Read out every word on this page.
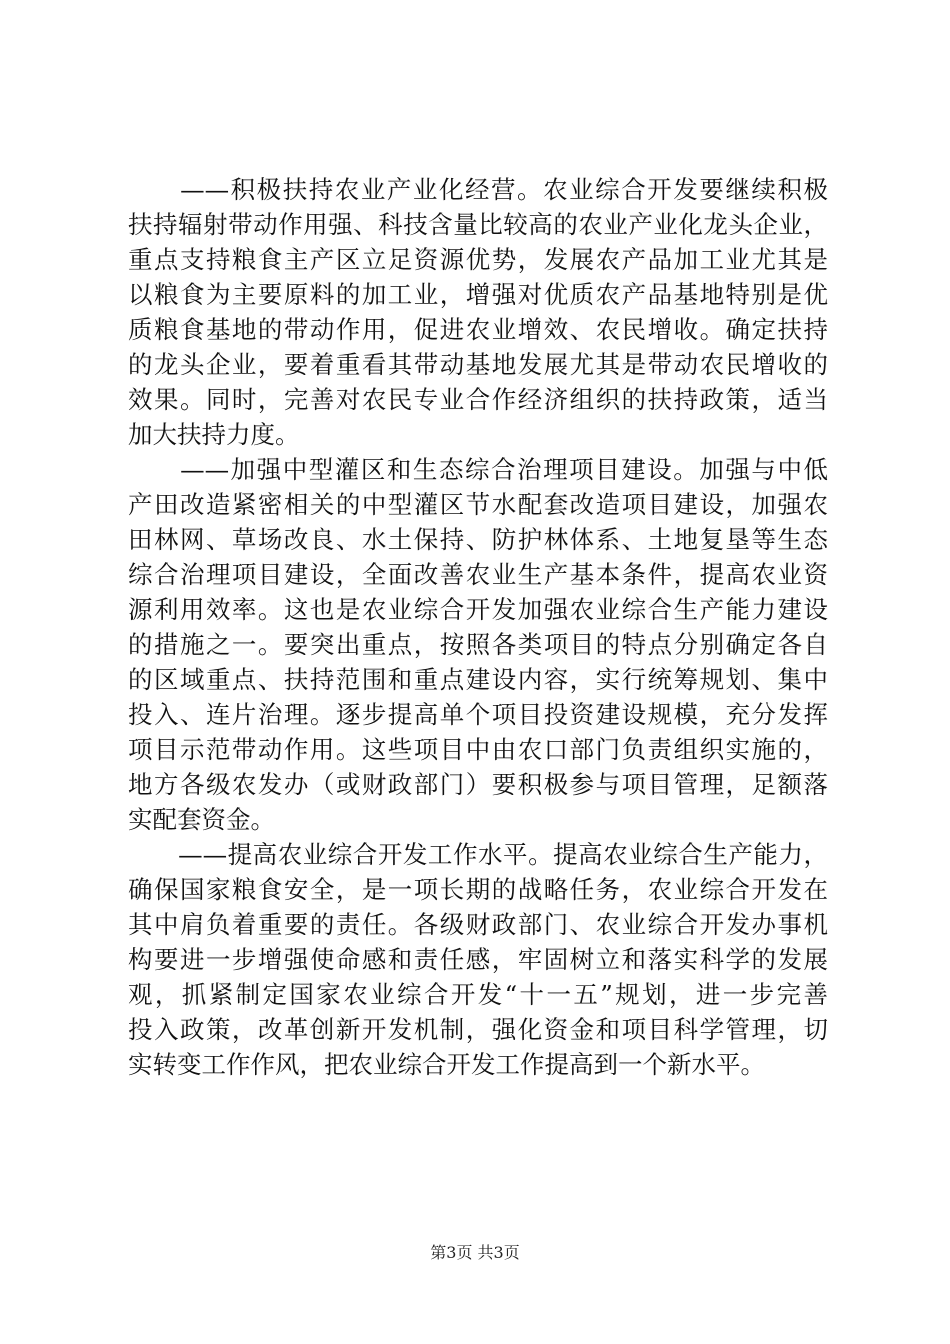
　　——积极扶持农业产业化经营。农业综合开发要继续积极
扶持辐射带动作用强、科技含量比较高的农业产业化龙头企业，
重点支持粮食主产区立足资源优势，发展农产品加工业尤其是
以粮食为主要原料的加工业，增强对优质农产品基地特别是优
质粮食基地的带动作用，促进农业增效、农民增收。确定扶持
的龙头企业，要着重看其带动基地发展尤其是带动农民增收的
效果。同时，完善对农民专业合作经济组织的扶持政策，适当
加大扶持力度。
　　——加强中型灌区和生态综合治理项目建设。加强与中低
产田改造紧密相关的中型灌区节水配套改造项目建设，加强农
田林网、草场改良、水土保持、防护林体系、土地复垦等生态
综合治理项目建设，全面改善农业生产基本条件，提高农业资
源利用效率。这也是农业综合开发加强农业综合生产能力建设
的措施之一。要突出重点，按照各类项目的特点分别确定各自
的区域重点、扶持范围和重点建设内容，实行统筹规划、集中
投入、连片治理。逐步提高单个项目投资建设规模，充分发挥
项目示范带动作用。这些项目中由农口部门负责组织实施的，
地方各级农发办（或财政部门）要积极参与项目管理，足额落
实配套资金。
　　——提高农业综合开发工作水平。提高农业综合生产能力，
确保国家粮食安全，是一项长期的战略任务，农业综合开发在
其中肩负着重要的责任。各级财政部门、农业综合开发办事机
构要进一步增强使命感和责任感，牢固树立和落实科学的发展
观，抓紧制定国家农业综合开发“十一五”规划，进一步完善
投入政策，改革创新开发机制，强化资金和项目科学管理，切
实转变工作作风，把农业综合开发工作提高到一个新水平。
第3页 共3页
